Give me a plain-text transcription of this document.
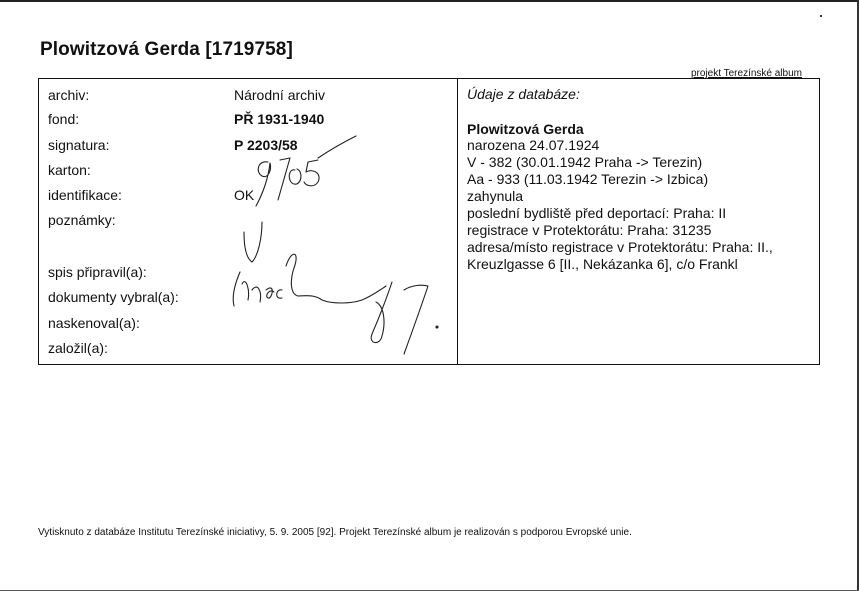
Plowitzová Gerda [1719758]
projekt Terezínské album
archiv:
fond:
signatura:
karton:
identifikace:
poznámky:
spis připravil(a):
dokumenty vybral(a):
naskenoval(a):
založil(a):
Národní archiv
PŘ 1931-1940
P 2203/58
OK
Údaje z databáze:
Plowitzová Gerda
narozena 24.07.1924
V - 382 (30.01.1942 Praha -> Terezin)
Aa - 933 (11.03.1942 Terezin -> Izbica)
zahynula
poslední bydliště před deportací: Praha: II
registrace v Protektorátu: Praha: 31235
adresa/místo registrace v Protektorátu: Praha: II.,
Kreuzlgasse 6 [II., Nekázanka 6], c/o Frankl
Vytisknuto z databáze Institutu Terezínské iniciativy, 5. 9. 2005 [92]. Projekt Terezínské album je realizován s podporou Evropské unie.
